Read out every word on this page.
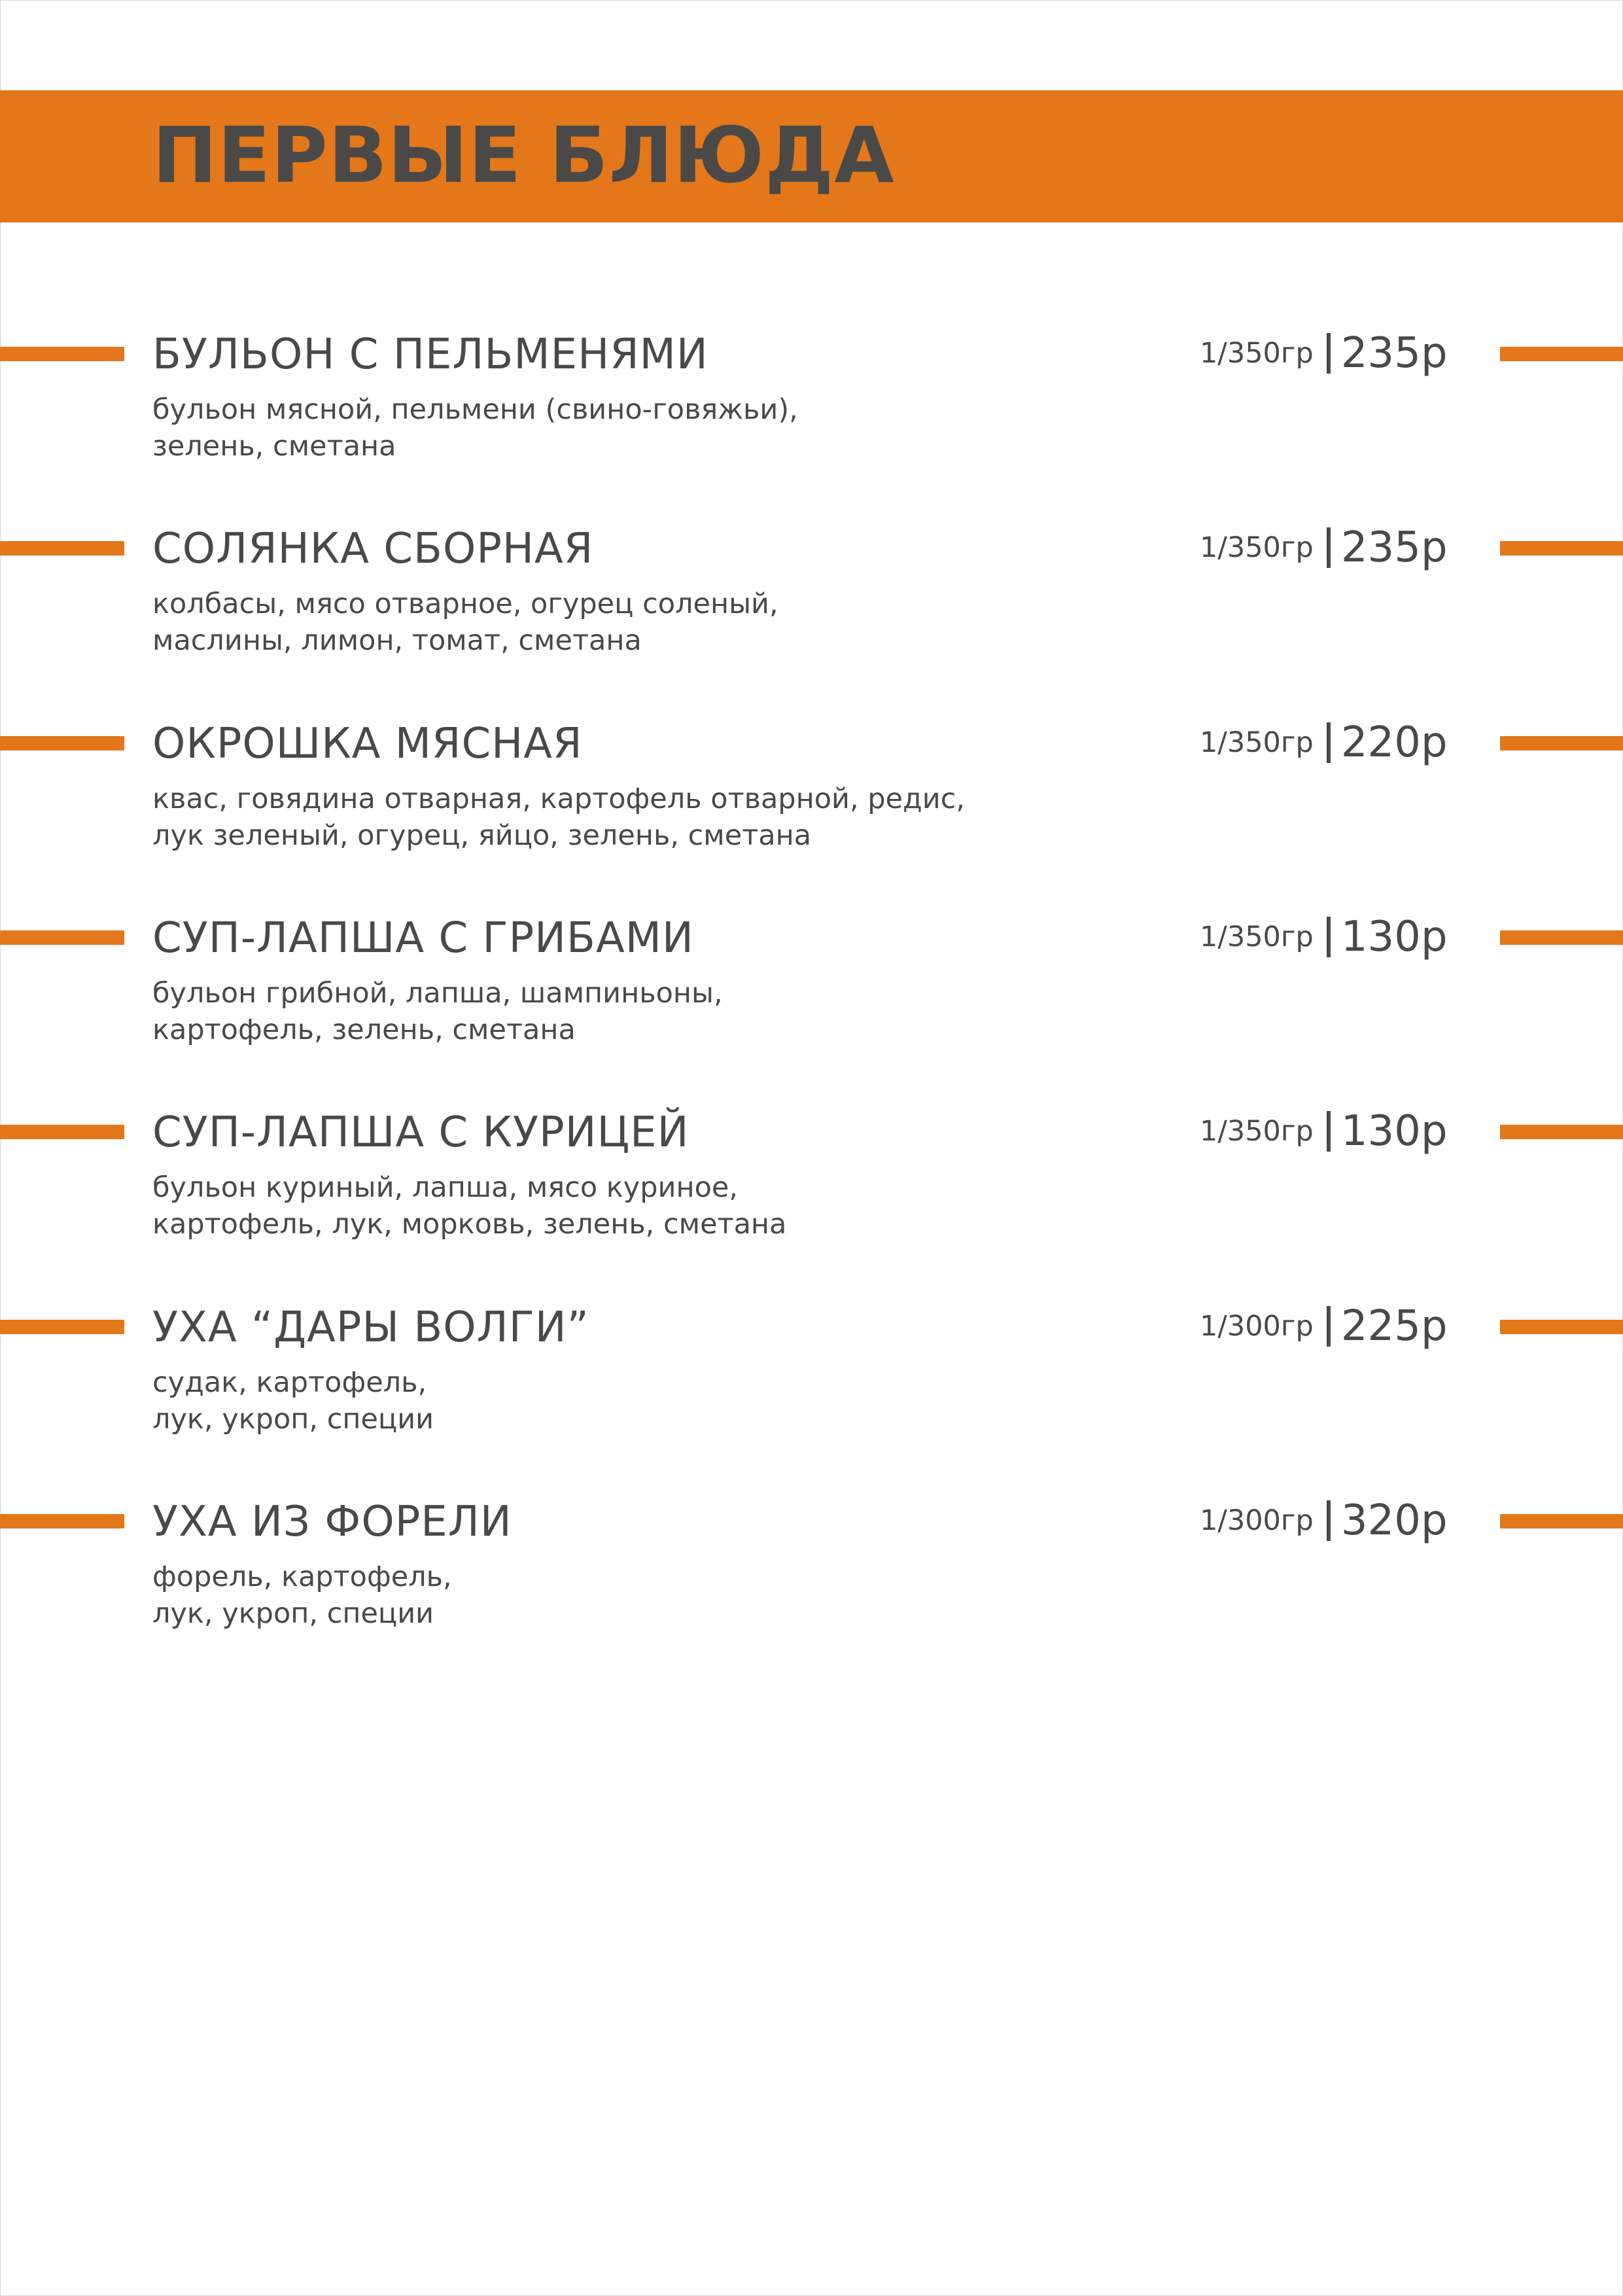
ПЕРВЫЕ БЛЮДА
БУЛЬОН С ПЕЛЬМЕНЯМИ
бульон мясной, пельмени (свино-говяжьи),
зелень, сметана
1/350гр 235р
СОЛЯНКА СБОРНАЯ
колбасы, мясо отварное, огурец соленый,
маслины, лимон, томат, сметана
1/350гр 235р
ОКРОШКА МЯСНАЯ
квас, говядина отварная, картофель отварной, редис,
лук зеленый, огурец, яйцо, зелень, сметана
1/350гр 220р
СУП-ЛАПША С ГРИБАМИ
бульон грибной, лапша, шампиньоны,
картофель, зелень, сметана
1/350гр 130р
СУП-ЛАПША С КУРИЦЕЙ
бульон куриный, лапша, мясо куриное,
картофель, лук, морковь, зелень, сметана
1/350гр 130р
УХА “ДАРЫ ВОЛГИ”
судак, картофель,
лук, укроп, специи
1/300гр 225р
УХА ИЗ ФОРЕЛИ
форель, картофель,
лук, укроп, специи
1/300гр 320р
